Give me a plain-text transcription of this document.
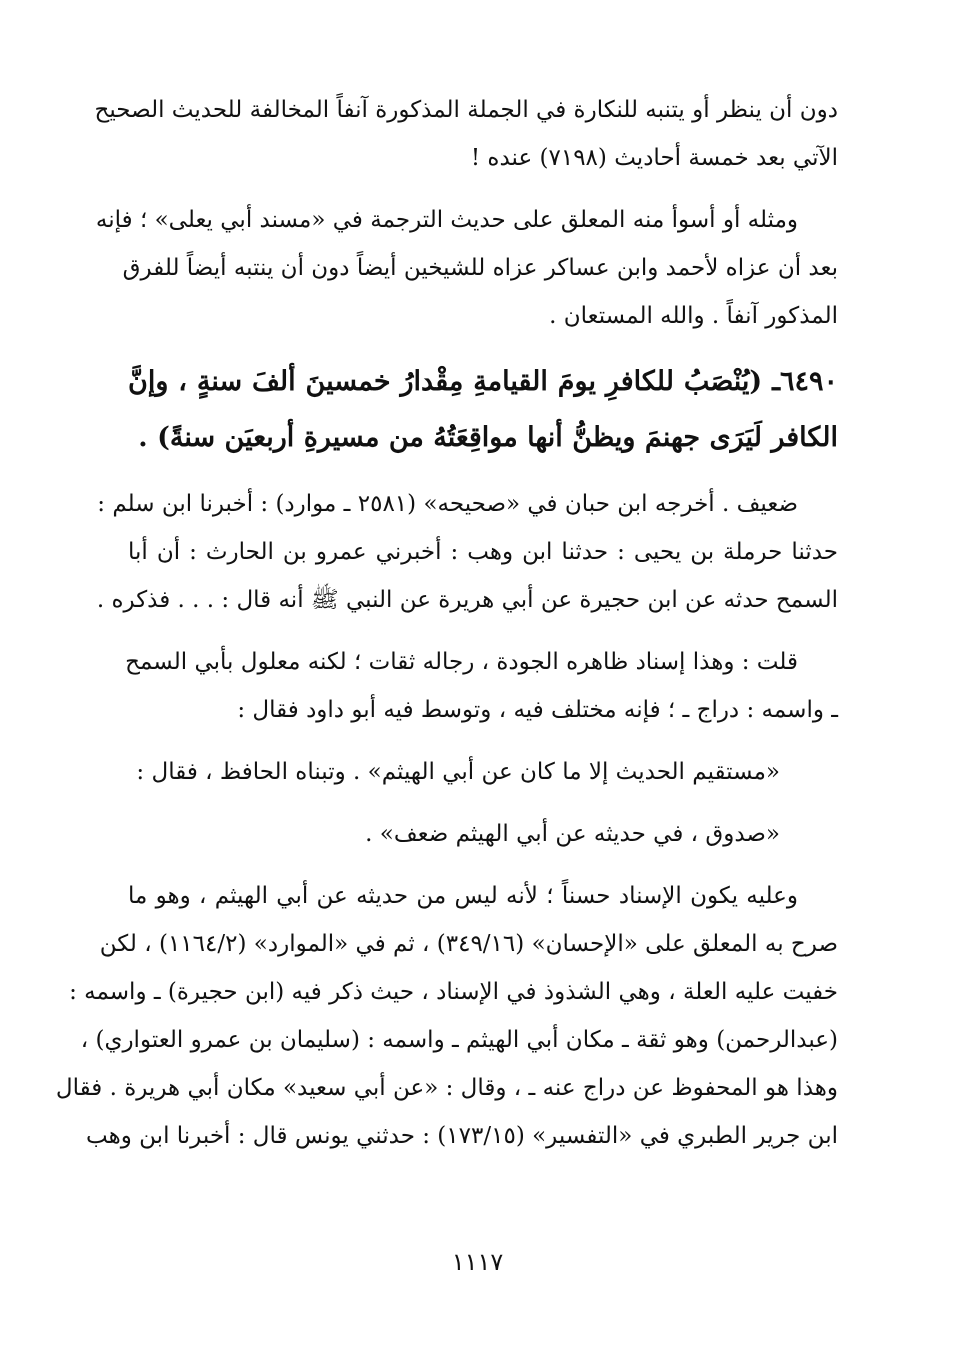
دون أن ينظر أو يتنبه للنكارة في الجملة المذكورة آنفاً المخالفة للحديث الصحيح
الآتي بعد خمسة أحاديث (٧١٩٨) عنده !

ومثله أو أسوأ منه المعلق على حديث الترجمة في «مسند أبي يعلى» ؛ فإنه
بعد أن عزاه لأحمد وابن عساكر عزاه للشيخين أيضاً دون أن ينتبه أيضاً للفرق
المذكور آنفاً . والله المستعان .

٦٤٩٠ـ (يُنْصَبُ للكافرِ يومَ القيامةِ مِقْدارُ خمسينَ ألفَ سنةٍ ، وإنَّ
الكافر لَيَرَى جهنمَ ويظنُّ أنها مواقِعَتُهُ من مسيرةِ أربعيَن سنةً) .

ضعيف . أخرجه ابن حبان في «صحيحه» (٢٥٨١ ـ موارد) : أخبرنا ابن سلم :
حدثنا حرملة بن يحيى : حدثنا ابن وهب : أخبرني عمرو بن الحارث : أن أبا
السمح حدثه عن ابن حجيرة عن أبي هريرة عن النبي ﷺ أنه قال : . . . فذكره .

قلت : وهذا إسناد ظاهره الجودة ، رجاله ثقات ؛ لكنه معلول بأبي السمح
ـ واسمه : دراج ـ ؛ فإنه مختلف فيه ، وتوسط فيه أبو داود فقال :

«مستقيم الحديث إلا ما كان عن أبي الهيثم» . وتبناه الحافظ ، فقال :

«صدوق ، في حديثه عن أبي الهيثم ضعف» .

وعليه يكون الإسناد حسناً ؛ لأنه ليس من حديثه عن أبي الهيثم ، وهو ما
صرح به المعلق على «الإحسان» (٣٤٩/١٦) ، ثم في «الموارد» (١١٦٤/٢) ، لكن
خفيت عليه العلة ، وهي الشذوذ في الإسناد ، حيث ذكر فيه (ابن حجيرة) ـ واسمه :
(عبدالرحمن) وهو ثقة ـ مكان أبي الهيثم ـ واسمه : (سليمان بن عمرو العتواري) ،
وهذا هو المحفوظ عن دراج عنه ـ ، وقال : «عن أبي سعيد» مكان أبي هريرة . فقال
ابن جرير الطبري في «التفسير» (١٧٣/١٥) : حدثني يونس قال : أخبرنا ابن وهب

١١١٧
